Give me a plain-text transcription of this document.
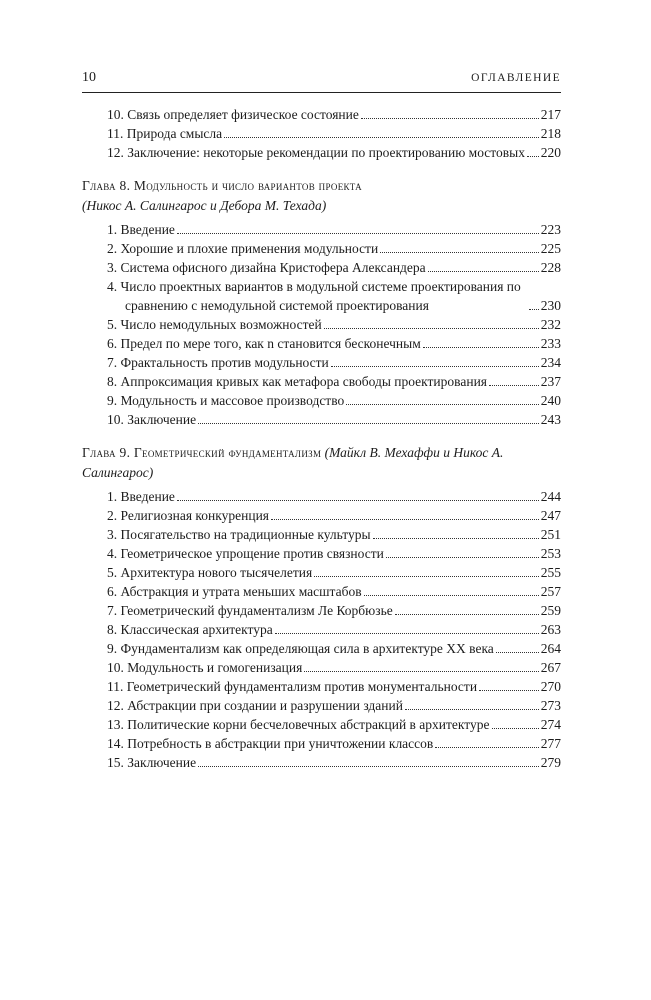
10	ОГЛАВЛЕНИЕ
10. Связь определяет физическое состояние	217
11. Природа смысла	218
12. Заключение: некоторые рекомендации по проектированию мостовых 220
Глава 8. Модульность и число вариантов проекта
(Никос А. Салингарос и Дебора М. Техада)
1. Введение	223
2. Хорошие и плохие применения модульности	225
3. Система офисного дизайна Кристофера Александера	228
4. Число проектных вариантов в модульной системе проектирования по сравнению с немодульной системой проектирования	230
5. Число немодульных возможностей	232
6. Предел по мере того, как n становится бесконечным	233
7. Фрактальность против модульности	234
8. Аппроксимация кривых как метафора свободы проектирования	237
9. Модульность и массовое производство	240
10. Заключение	243
Глава 9. Геометрический фундаментализм (Майкл В. Мехаффи и Никос А. Салингарос)
1. Введение	244
2. Религиозная конкуренция	247
3. Посягательство на традиционные культуры	251
4. Геометрическое упрощение против связности	253
5. Архитектура нового тысячелетия	255
6. Абстракция и утрата меньших масштабов	257
7. Геометрический фундаментализм Ле Корбюзье	259
8. Классическая архитектура	263
9. Фундаментализм как определяющая сила в архитектуре XX века	264
10. Модульность и гомогенизация	267
11. Геометрический фундаментализм против монументальности	270
12. Абстракции при создании и разрушении зданий	273
13. Политические корни бесчеловечных абстракций в архитектуре	274
14. Потребность в абстракции при уничтожении классов	277
15. Заключение	279
